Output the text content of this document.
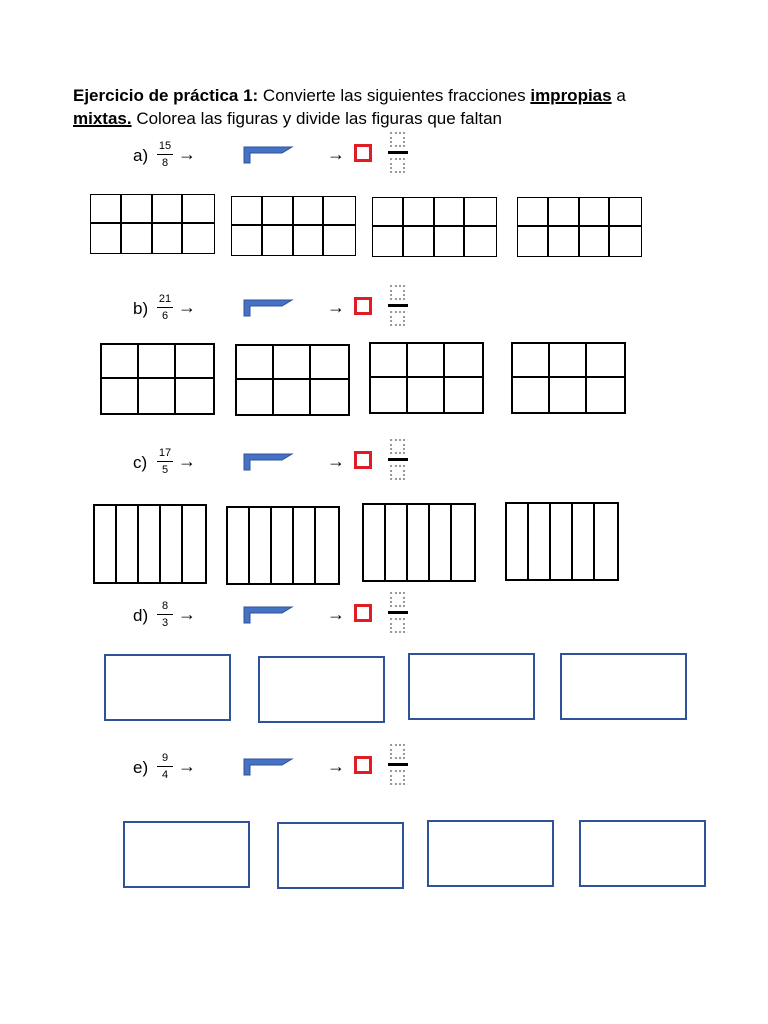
Ejercicio de práctica 1: Convierte las siguientes fracciones impropias a
mixtas. Colorea las figuras y divide las figuras que faltan
a) 15
8 →	→
b) 21
6 →	→
c) 17
5 →	→
d) 8
3 →	→
e) 9
4 →	→
